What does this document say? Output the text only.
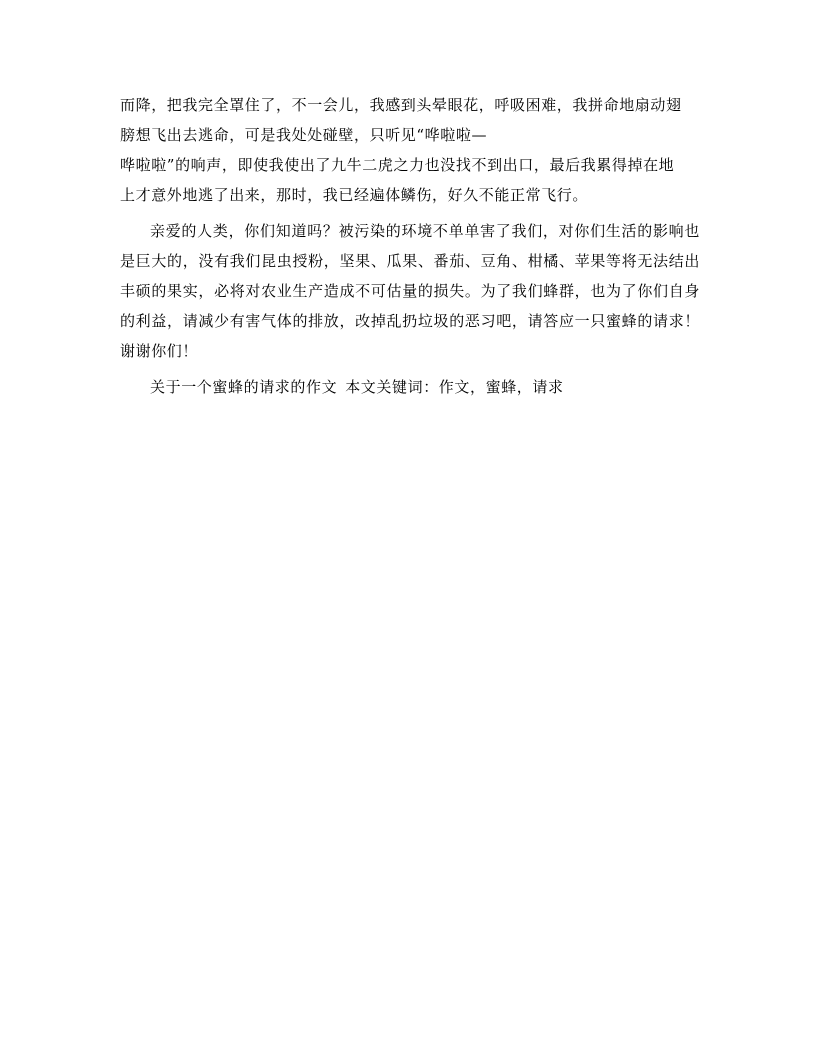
而降，把我完全罩住了，不一会儿，我感到头晕眼花，呼吸困难，我拼命地扇动翅
膀想飞出去逃命，可是我处处碰壁，只听见“哗啦啦—
哗啦啦”的响声，即使我使出了九牛二虎之力也没找不到出口，最后我累得掉在地
上才意外地逃了出来，那时，我已经遍体鳞伤，好久不能正常飞行。

亲爱的人类，你们知道吗？被污染的环境不单单害了我们，对你们生活的影响也是巨大的，没有我们昆虫授粉，坚果、瓜果、番茄、豆角、柑橘、苹果等将无法结出丰硕的果实，必将对农业生产造成不可估量的损失。为了我们蜂群，也为了你们自身的利益，请减少有害气体的排放，改掉乱扔垃圾的恶习吧，请答应一只蜜蜂的请求！谢谢你们！

关于一个蜜蜂的请求的作文 本文关键词：作文，蜜蜂，请求
